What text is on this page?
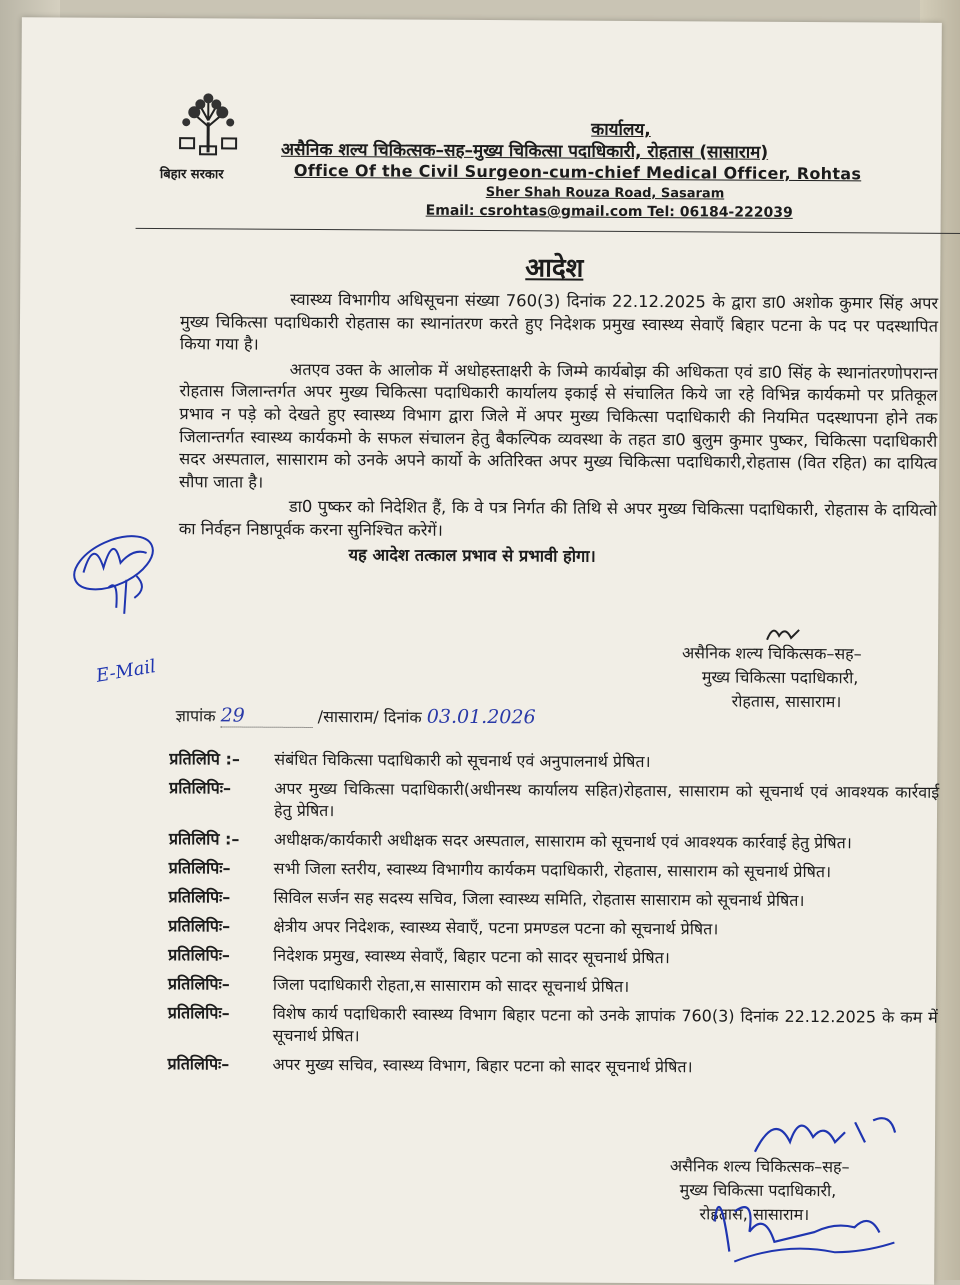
बिहार सरकार
कार्यालय,
असैनिक शल्य चिकित्सक–सह–मुख्य चिकित्सा पदाधिकारी, रोहतास (सासाराम)
Office Of the Civil Surgeon-cum-chief Medical Officer, Rohtas
Sher Shah Rouza Road, Sasaram
Email: csrohtas@gmail.com Tel: 06184-222039
आदेश

स्वास्थ्य विभागीय अधिसूचना संख्या 760(3) दिनांक 22.12.2025 के द्वारा डा0 अशोक कुमार सिंह अपर मुख्य चिकित्सा पदाधिकारी रोहतास का स्थानांतरण करते हुए निदेशक प्रमुख स्वास्थ्य सेवाएँ बिहार पटना के पद पर पदस्थापित किया गया है।

अतएव उक्त के आलोक में अधोहस्ताक्षरी के जिम्मे कार्यबोझ की अधिकता एवं डा0 सिंह के स्थानांतरणोपरान्त रोहतास जिलान्तर्गत अपर मुख्य चिकित्सा पदाधिकारी कार्यालय इकाई से संचालित किये जा रहे विभिन्न कार्यकमो पर प्रतिकूल प्रभाव न पड़े को देखते हुए स्वास्थ्य विभाग द्वारा जिले में अपर मुख्य चिकित्सा पदाधिकारी की नियमित पदस्थापना होने तक जिलान्तर्गत स्वास्थ्य कार्यकमो के सफल संचालन हेतु बैकल्पिक व्यवस्था के तहत डा0 बुलुम कुमार पुष्कर, चिकित्सा पदाधिकारी सदर अस्पताल, सासाराम को उनके अपने कार्यो के अतिरिक्त अपर मुख्य चिकित्सा पदाधिकारी,रोहतास (वित रहित) का दायित्व सौपा जाता है।

डा0 पुष्कर को निदेशित हैं, कि वे पत्र निर्गत की तिथि से अपर मुख्य चिकित्सा पदाधिकारी, रोहतास के दायित्वो का निर्वहन निष्ठापूर्वक करना सुनिश्चित करेगें।

यह आदेश तत्काल प्रभाव से प्रभावी होगा।

E-Mail
असैनिक शल्य चिकित्सक–सह–
मुख्य चिकित्सा पदाधिकारी,
रोहतास, सासाराम।
ज्ञापांक 29	/सासाराम/ दिनांक 03.01.2026
प्रतिलिपि :–	संबंधित चिकित्सा पदाधिकारी को सूचनार्थ एवं अनुपालनार्थ प्रेषित।
प्रतिलिपिः–	अपर मुख्य चिकित्सा पदाधिकारी(अधीनस्थ कार्यालय सहित)रोहतास, सासाराम को सूचनार्थ एवं आवश्यक कार्रवाई हेतु प्रेषित।
प्रतिलिपि :–	अधीक्षक/कार्यकारी अधीक्षक सदर अस्पताल, सासाराम को सूचनार्थ एवं आवश्यक कार्रवाई हेतु प्रेषित।
प्रतिलिपिः–	सभी जिला स्तरीय, स्वास्थ्य विभागीय कार्यकम पदाधिकारी, रोहतास, सासाराम को सूचनार्थ प्रेषित।
प्रतिलिपिः–	सिविल सर्जन सह सदस्य सचिव, जिला स्वास्थ्य समिति, रोहतास सासाराम को सूचनार्थ प्रेषित।
प्रतिलिपिः–	क्षेत्रीय अपर निदेशक, स्वास्थ्य सेवाएँ, पटना प्रमण्डल पटना को सूचनार्थ प्रेषित।
प्रतिलिपिः–	निदेशक प्रमुख, स्वास्थ्य सेवाएँ, बिहार पटना को सादर सूचनार्थ प्रेषित।
प्रतिलिपिः–	जिला पदाधिकारी रोहता,स सासाराम को सादर सूचनार्थ प्रेषित।
प्रतिलिपिः–	विशेष कार्य पदाधिकारी स्वास्थ्य विभाग बिहार पटना को उनके ज्ञापांक 760(3) दिनांक 22.12.2025 के कम में सूचनार्थ प्रेषित।
प्रतिलिपिः–	अपर मुख्य सचिव, स्वास्थ्य विभाग, बिहार पटना को सादर सूचनार्थ प्रेषित।
असैनिक शल्य चिकित्सक–सह–
मुख्य चिकित्सा पदाधिकारी,
रोहतास, सासाराम।
